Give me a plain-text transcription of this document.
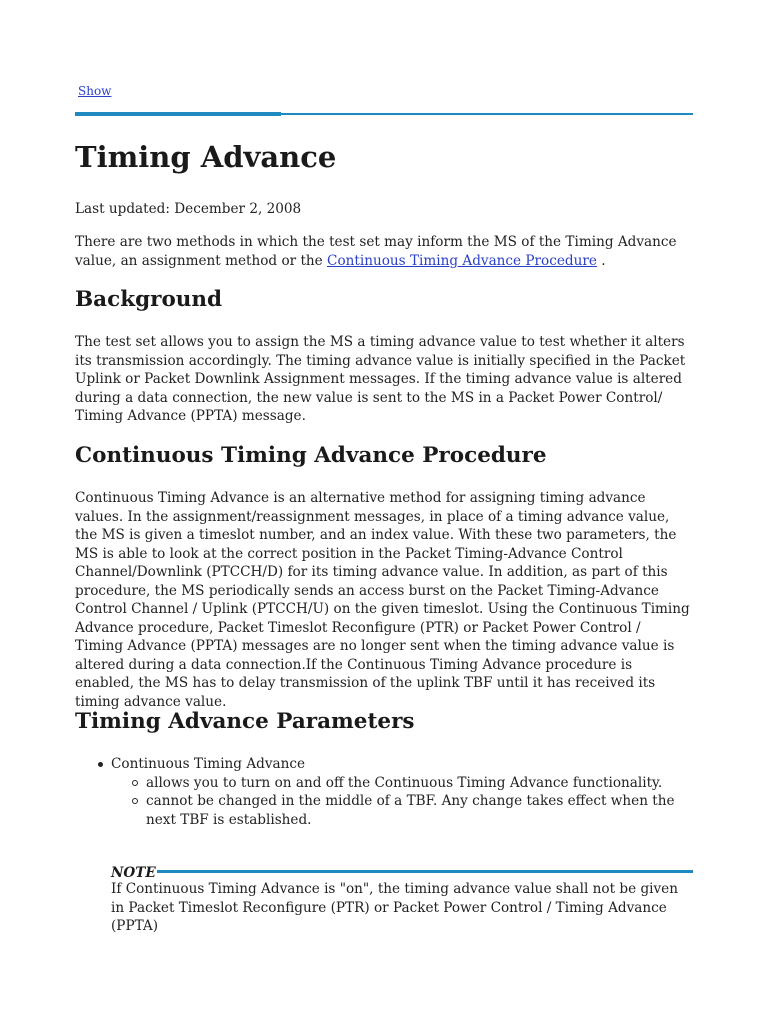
Show
Timing Advance

Last updated: December 2, 2008

There are two methods in which the test set may inform the MS of the Timing Advance value, an assignment method or the Continuous Timing Advance Procedure .

Background

The test set allows you to assign the MS a timing advance value to test whether it alters its transmission accordingly. The timing advance value is initially specified in the Packet Uplink or Packet Downlink Assignment messages. If the timing advance value is altered during a data connection, the new value is sent to the MS in a Packet Power Control/ Timing Advance (PPTA) message.

Continuous Timing Advance Procedure

Continuous Timing Advance is an alternative method for assigning timing advance values. In the assignment/reassignment messages, in place of a timing advance value, the MS is given a timeslot number, and an index value. With these two parameters, the MS is able to look at the correct position in the Packet Timing-Advance Control Channel/Downlink (PTCCH/D) for its timing advance value. In addition, as part of this procedure, the MS periodically sends an access burst on the Packet Timing-Advance Control Channel / Uplink (PTCCH/U) on the given timeslot. Using the Continuous Timing Advance procedure, Packet Timeslot Reconfigure (PTR) or Packet Power Control / Timing Advance (PPTA) messages are no longer sent when the timing advance value is altered during a data connection.If the Continuous Timing Advance procedure is enabled, the MS has to delay transmission of the uplink TBF until it has received its timing advance value.

Timing Advance Parameters
Continuous Timing Advance
allows you to turn on and off the Continuous Timing Advance functionality.
cannot be changed in the middle of a TBF. Any change takes effect when the next TBF is established.
NOTE

If Continuous Timing Advance is "on", the timing advance value shall not be given in Packet Timeslot Reconfigure (PTR) or Packet Power Control / Timing Advance (PPTA)
